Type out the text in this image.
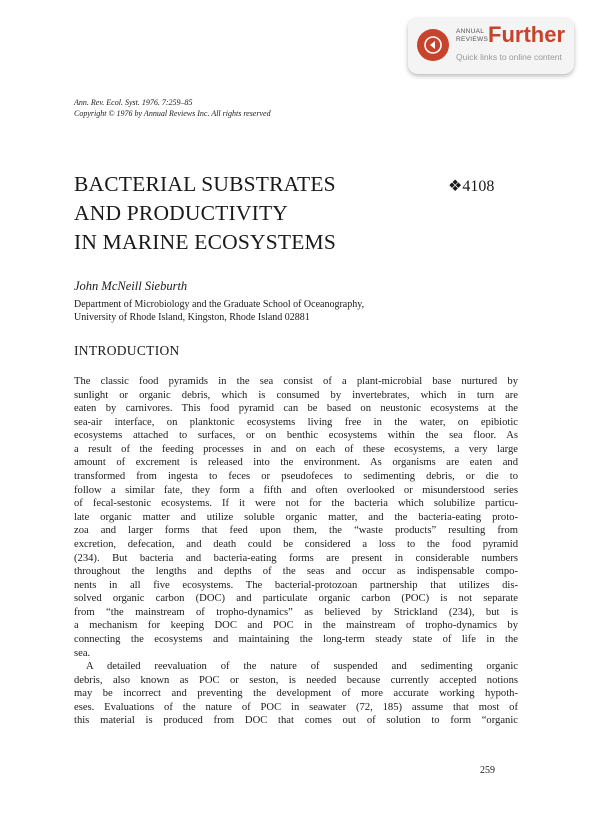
ANNUAL REVIEWS Further
Quick links to online content
Ann. Rev. Ecol. Syst. 1976. 7:259–85
Copyright © 1976 by Annual Reviews Inc. All rights reserved
BACTERIAL SUBSTRATES
AND PRODUCTIVITY
IN MARINE ECOSYSTEMS
❖4108
John McNeill Sieburth
Department of Microbiology and the Graduate School of Oceanography,
University of Rhode Island, Kingston, Rhode Island 02881
INTRODUCTION

The classic food pyramids in the sea consist of a plant-microbial base nurtured by

sunlight or organic debris, which is consumed by invertebrates, which in turn are

eaten by carnivores. This food pyramid can be based on neustonic ecosystems at the

sea-air interface, on planktonic ecosystems living free in the water, on epibiotic

ecosystems attached to surfaces, or on benthic ecosystems within the sea floor. As

a result of the feeding processes in and on each of these ecosystems, a very large

amount of excrement is released into the environment. As organisms are eaten and

transformed from ingesta to feces or pseudofeces to sedimenting debris, or die to

follow a similar fate, they form a fifth and often overlooked or misunderstood series

of fecal-sestonic ecosystems. If it were not for the bacteria which solubilize particu-

late organic matter and utilize soluble organic matter, and the bacteria-eating proto-

zoa and larger forms that feed upon them, the “waste products” resulting from

excretion, defecation, and death could be considered a loss to the food pyramid

(234). But bacteria and bacteria-eating forms are present in considerable numbers

throughout the lengths and depths of the seas and occur as indispensable compo-

nents in all five ecosystems. The bacterial-protozoan partnership that utilizes dis-

solved organic carbon (DOC) and particulate organic carbon (POC) is not separate

from “the mainstream of tropho-dynamics” as believed by Strickland (234), but is

a mechanism for keeping DOC and POC in the mainstream of tropho-dynamics by

connecting the ecosystems and maintaining the long-term steady state of life in the

sea.

A detailed reevaluation of the nature of suspended and sedimenting organic

debris, also known as POC or seston, is needed because currently accepted notions

may be incorrect and preventing the development of more accurate working hypoth-

eses. Evaluations of the nature of POC in seawater (72, 185) assume that most of

this material is produced from DOC that comes out of solution to form “organic

259
